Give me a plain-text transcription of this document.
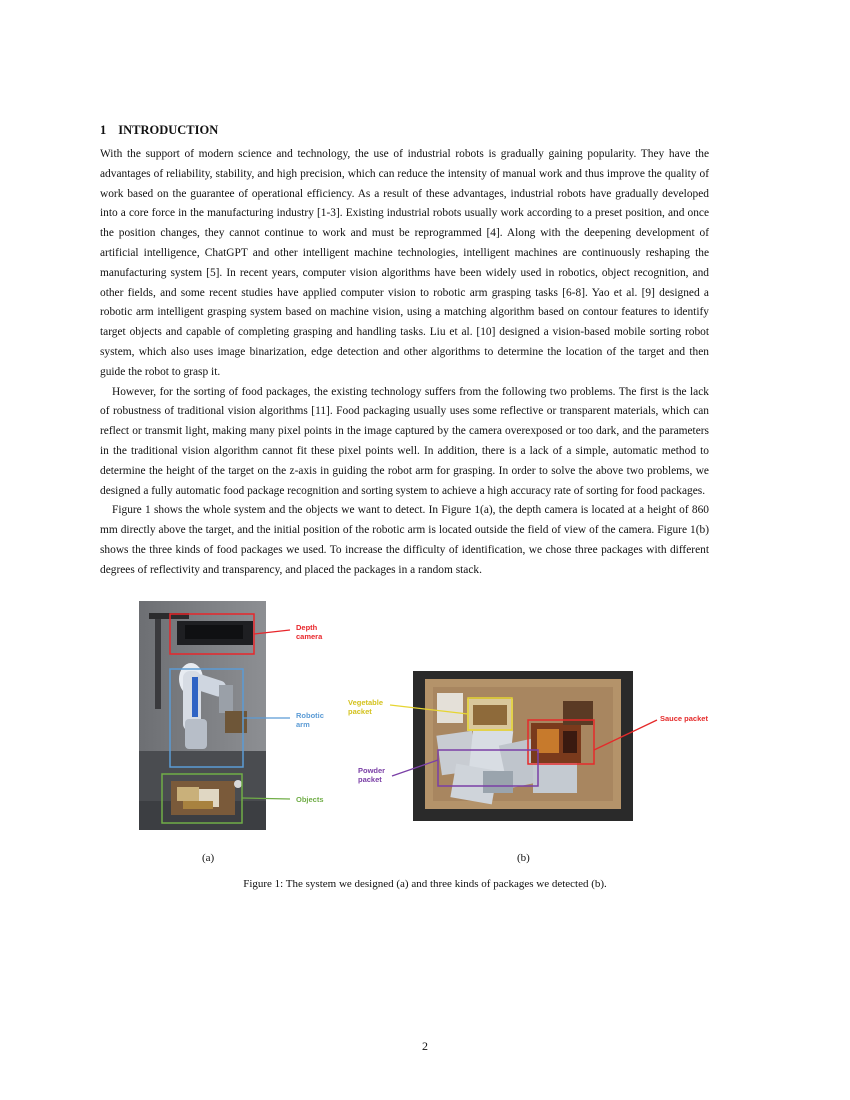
1 INTRODUCTION

With the support of modern science and technology, the use of industrial robots is gradually gaining popularity. They have the advantages of reliability, stability, and high precision, which can reduce the intensity of manual work and thus improve the quality of work based on the guarantee of operational efficiency. As a result of these advantages, industrial robots have gradually developed into a core force in the manufacturing industry [1-3]. Existing industrial robots usually work according to a preset position, and once the position changes, they cannot continue to work and must be reprogrammed [4]. Along with the deepening development of artificial intelligence, ChatGPT and other intelligent machine technologies, intelligent machines are continuously reshaping the manufacturing system [5]. In recent years, computer vision algorithms have been widely used in robotics, object recognition, and other fields, and some recent studies have applied computer vision to robotic arm grasping tasks [6-8]. Yao et al. [9] designed a robotic arm intelligent grasping system based on machine vision, using a matching algorithm based on contour features to identify target objects and capable of completing grasping and handling tasks. Liu et al. [10] designed a vision-based mobile sorting robot system, which also uses image binarization, edge detection and other algorithms to determine the location of the target and then guide the robot to grasp it.

However, for the sorting of food packages, the existing technology suffers from the following two problems. The first is the lack of robustness of traditional vision algorithms [11]. Food packaging usually uses some reflective or transparent materials, which can reflect or transmit light, making many pixel points in the image captured by the camera overexposed or too dark, and the parameters in the traditional vision algorithm cannot fit these pixel points well. In addition, there is a lack of a simple, automatic method to determine the height of the target on the z-axis in guiding the robot arm for grasping. In order to solve the above two problems, we designed a fully automatic food package recognition and sorting system to achieve a high accuracy rate of sorting for food packages.

Figure 1 shows the whole system and the objects we want to detect. In Figure 1(a), the depth camera is located at a height of 860 mm directly above the target, and the initial position of the robotic arm is located outside the field of view of the camera. Figure 1(b) shows the three kinds of food packages we used. To increase the difficulty of identification, we chose three packages with different degrees of reflectivity and transparency, and placed the packages in a random stack.

Depth
camera
Robotic
arm
Objects
Vegetable
packet
Sauce packet
Powder
packet
(a)	(b)
Figure 1: The system we designed (a) and three kinds of packages we detected (b).
2
